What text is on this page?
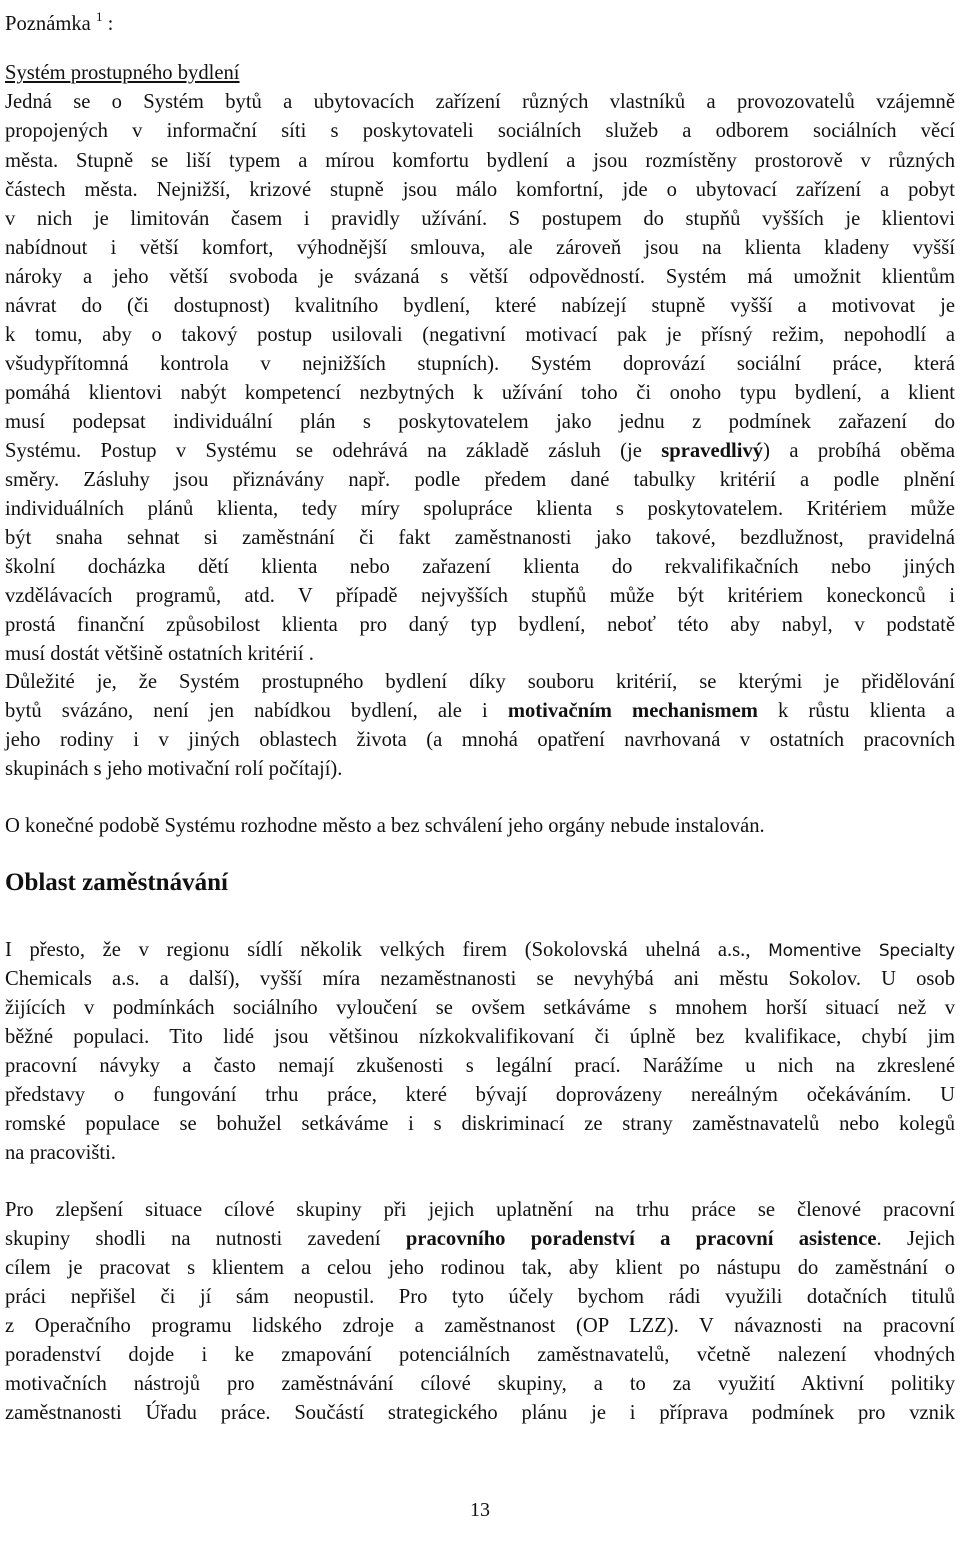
Poznámka $^1$ :
Systém prostupného bydlení
Jedná se o Systém bytů a ubytovacích zařízení různých vlastníků a provozovatelů vzájemně
propojených v informační síti s poskytovateli sociálních služeb a odborem sociálních věcí
města. Stupně se liší typem a mírou komfortu bydlení a jsou rozmístěny prostorově v různých
částech města. Nejnižší, krizové stupně jsou málo komfortní, jde o ubytovací zařízení a pobyt
v nich je limitován časem i pravidly užívání. S postupem do stupňů vyšších je klientovi
nabídnout i větší komfort, výhodnější smlouva, ale zároveň jsou na klienta kladeny vyšší
nároky a jeho větší svoboda je svázaná s větší odpovědností. Systém má umožnit klientům
návrat do (či dostupnost) kvalitního bydlení, které nabízejí stupně vyšší a motivovat je
k tomu, aby o takový postup usilovali (negativní motivací pak je přísný režim, nepohodlí a
všudypřítomná kontrola v nejnižších stupních). Systém doprovází sociální práce, která
pomáhá klientovi nabýt kompetencí nezbytných k užívání toho či onoho typu bydlení, a klient
musí podepsat individuální plán s poskytovatelem jako jednu z podmínek zařazení do
Systému. Postup v Systému se odehrává na základě zásluh (je spravedlivý) a probíhá oběma
směry. Zásluhy jsou přiznávány např. podle předem dané tabulky kritérií a podle plnění
individuálních plánů klienta, tedy míry spolupráce klienta s poskytovatelem. Kritériem může
být snaha sehnat si zaměstnání či fakt zaměstnanosti jako takové, bezdlužnost, pravidelná
školní docházka dětí klienta nebo zařazení klienta do rekvalifikačních nebo jiných
vzdělávacích programů, atd. V případě nejvyšších stupňů může být kritériem koneckonců i
prostá finanční způsobilost klienta pro daný typ bydlení, neboť této aby nabyl, v podstatě
musí dostát většině ostatních kritérií .
Důležité je, že Systém prostupného bydlení díky souboru kritérií, se kterými je přidělování
bytů svázáno, není jen nabídkou bydlení, ale i motivačním mechanismem k růstu klienta a
jeho rodiny i v jiných oblastech života (a mnohá opatření navrhovaná v ostatních pracovních
skupinách s jeho motivační rolí počítají).
O konečné podobě Systému rozhodne město a bez schválení jeho orgány nebude instalován.
Oblast zaměstnávání
I přesto, že v regionu sídlí několik velkých firem (Sokolovská uhelná a.s., Momentive Specialty
Chemicals a.s. a další), vyšší míra nezaměstnanosti se nevyhýbá ani městu Sokolov. U osob
žijících v podmínkách sociálního vyloučení se ovšem setkáváme s mnohem horší situací než v
běžné populaci. Tito lidé jsou většinou nízkokvalifikovaní či úplně bez kvalifikace, chybí jim
pracovní návyky a často nemají zkušenosti s legální prací. Narážíme u nich na zkreslené
představy o fungování trhu práce, které bývají doprovázeny nereálným očekáváním. U
romské populace se bohužel setkáváme i s diskriminací ze strany zaměstnavatelů nebo kolegů
na pracovišti.
Pro zlepšení situace cílové skupiny při jejich uplatnění na trhu práce se členové pracovní
skupiny shodli na nutnosti zavedení pracovního poradenství a pracovní asistence. Jejich
cílem je pracovat s klientem a celou jeho rodinou tak, aby klient po nástupu do zaměstnání o
práci nepřišel či jí sám neopustil. Pro tyto účely bychom rádi využili dotačních titulů
z Operačního programu lidského zdroje a zaměstnanost (OP LZZ). V návaznosti na pracovní
poradenství dojde i ke zmapování potenciálních zaměstnavatelů, včetně nalezení vhodných
motivačních nástrojů pro zaměstnávání cílové skupiny, a to za využití Aktivní politiky
zaměstnanosti Úřadu práce. Součástí strategického plánu je i příprava podmínek pro vznik
13
